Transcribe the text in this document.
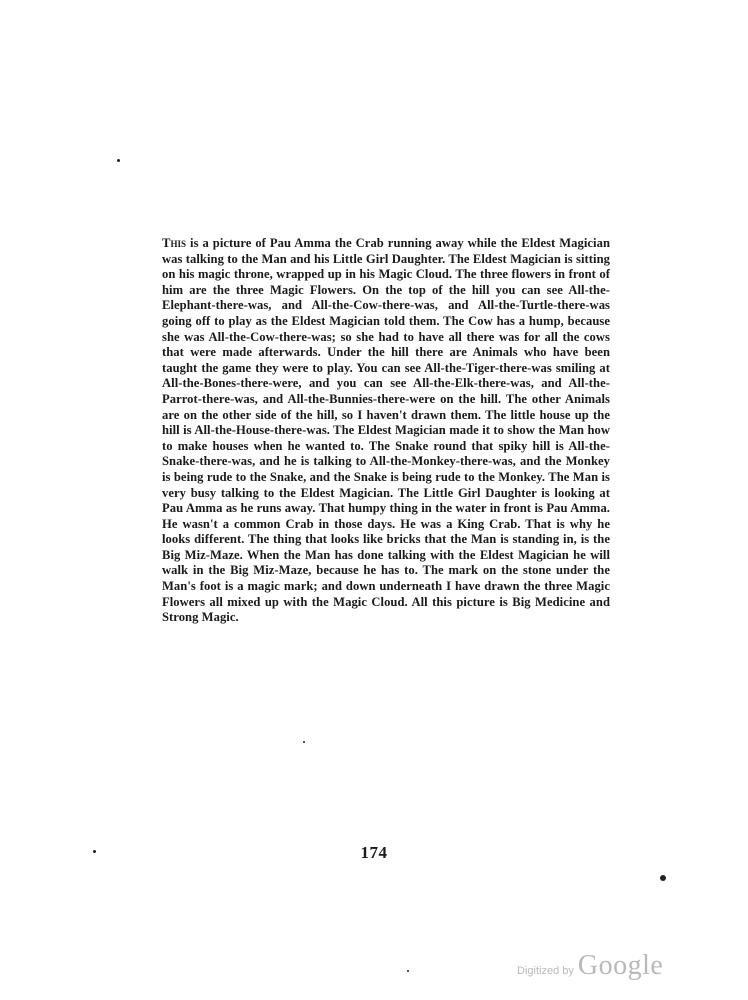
This is a picture of Pau Amma the Crab running away while the Eldest Magician was talking to the Man and his Little Girl Daughter. The Eldest Magician is sitting on his magic throne, wrapped up in his Magic Cloud. The three flowers in front of him are the three Magic Flowers. On the top of the hill you can see All-the-Elephant-there-was, and All-the-Cow-there-was, and All-the-Turtle-there-was going off to play as the Eldest Magician told them. The Cow has a hump, because she was All-the-Cow-there-was; so she had to have all there was for all the cows that were made afterwards. Under the hill there are Animals who have been taught the game they were to play. You can see All-the-Tiger-there-was smiling at All-the-Bones-there-were, and you can see All-the-Elk-there-was, and All-the-Parrot-there-was, and All-the-Bunnies-there-were on the hill. The other Animals are on the other side of the hill, so I haven't drawn them. The little house up the hill is All-the-House-there-was. The Eldest Magician made it to show the Man how to make houses when he wanted to. The Snake round that spiky hill is All-the-Snake-there-was, and he is talking to All-the-Monkey-there-was, and the Monkey is being rude to the Snake, and the Snake is being rude to the Monkey. The Man is very busy talking to the Eldest Magician. The Little Girl Daughter is looking at Pau Amma as he runs away. That humpy thing in the water in front is Pau Amma. He wasn't a common Crab in those days. He was a King Crab. That is why he looks different. The thing that looks like bricks that the Man is standing in, is the Big Miz-Maze. When the Man has done talking with the Eldest Magician he will walk in the Big Miz-Maze, because he has to. The mark on the stone under the Man's foot is a magic mark; and down underneath I have drawn the three Magic Flowers all mixed up with the Magic Cloud. All this picture is Big Medicine and Strong Magic.
174
Digitized by Google
